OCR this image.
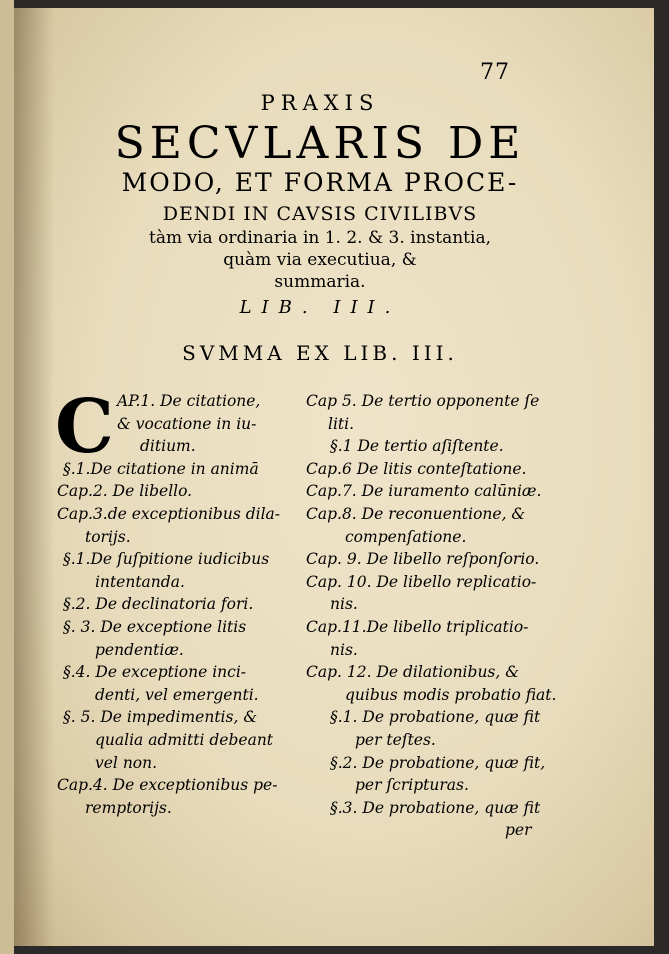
77
PRAXIS
SECVLARIS DE
MODO, ET FORMA PROCE-
DENDI IN CAVSIS CIVILIBVS
tàm via ordinaria in 1. 2. & 3. instantia,
quàm via executiua, &
summaria.
LIB. III.
SVMMA EX LIB. III.
C AP.1. De citatione,
& vocatione in iu-
ditium.
§.1.De citatione in animā
Cap.2. De libello.
Cap.3.de exceptionibus dila-
torijs.
§.1.De ſuſpitione iudicibus
intentanda.
§.2. De declinatoria fori.
§. 3. De exceptione litis
pendentiæ.
§.4. De exceptione inci-
denti, vel emergenti.
§. 5. De impedimentis, &
qualia admitti debeant
vel non.
Cap.4. De exceptionibus pe-
remptorijs.
Cap 5. De tertio opponente ſe
liti.
§.1 De tertio aſiſtente.
Cap.6 De litis conteſtatione.
Cap.7. De iuramento calūniæ.
Cap.8. De reconuentione, &
compenſatione.
Cap. 9. De libello reſponſorio.
Cap. 10. De libello replicatio-
nis.
Cap.11.De libello triplicatio-
nis.
Cap. 12. De dilationibus, &
quibus modis probatio fiat.
§.1. De probatione, quæ fit
per teſtes.
§.2. De probatione, quæ fit,
per ſcripturas.
§.3. De probatione, quæ fit
per
